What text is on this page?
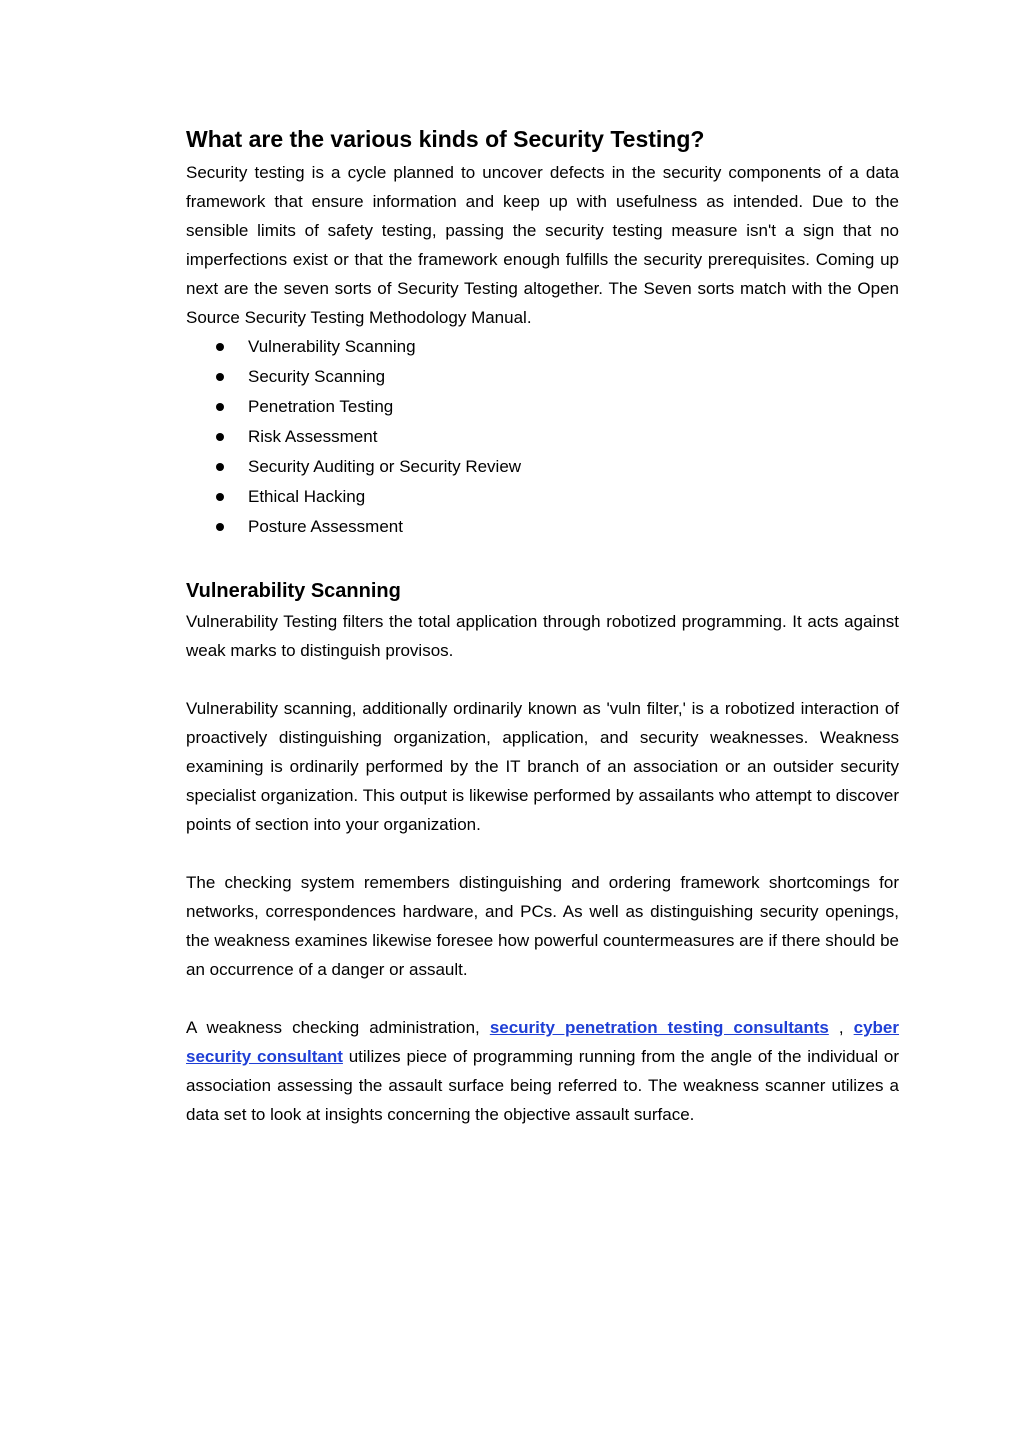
What are the various kinds of Security Testing?

Security testing is a cycle planned to uncover defects in the security components of a data framework that ensure information and keep up with usefulness as intended. Due to the sensible limits of safety testing, passing the security testing measure isn't a sign that no imperfections exist or that the framework enough fulfills the security prerequisites. Coming up next are the seven sorts of Security Testing altogether. The Seven sorts match with the Open Source Security Testing Methodology Manual.

Vulnerability Scanning
Security Scanning
Penetration Testing
Risk Assessment
Security Auditing or Security Review
Ethical Hacking
Posture Assessment
Vulnerability Scanning

Vulnerability Testing filters the total application through robotized programming. It acts against weak marks to distinguish provisos.

Vulnerability scanning, additionally ordinarily known as 'vuln filter,' is a robotized interaction of proactively distinguishing organization, application, and security weaknesses. Weakness examining is ordinarily performed by the IT branch of an association or an outsider security specialist organization. This output is likewise performed by assailants who attempt to discover points of section into your organization.

The checking system remembers distinguishing and ordering framework shortcomings for networks, correspondences hardware, and PCs. As well as distinguishing security openings, the weakness examines likewise foresee how powerful countermeasures are if there should be an occurrence of a danger or assault.

A weakness checking administration, security penetration testing consultants , cyber security consultant utilizes piece of programming running from the angle of the individual or association assessing the assault surface being referred to. The weakness scanner utilizes a data set to look at insights concerning the objective assault surface.
